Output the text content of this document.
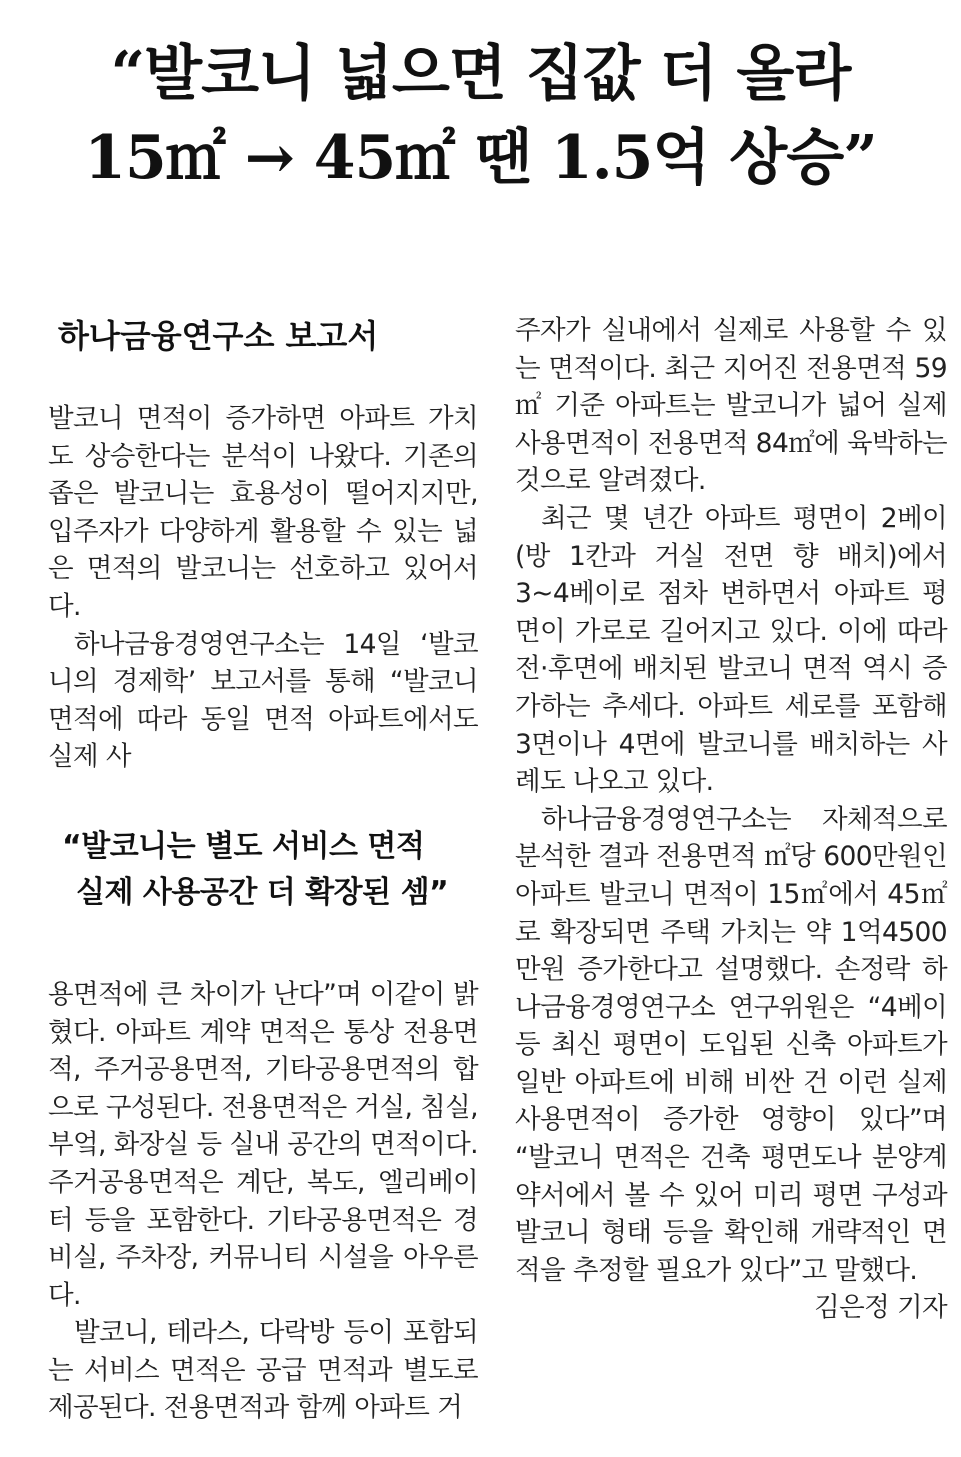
“발코니 넓으면 집값 더 올라
15㎡ → 45㎡ 땐 1.5억 상승”
하나금융연구소 보고서

발코니 면적이 증가하면 아파트 가치도 상승한다는 분석이 나왔다. 기존의 좁은 발코니는 효용성이 떨어지지만, 입주자가 다양하게 활용할 수 있는 넓은 면적의 발코니는 선호하고 있어서다.

하나금융경영연구소는 14일 ‘발코니의 경제학’ 보고서를 통해 “발코니 면적에 따라 동일 면적 아파트에서도 실제 사

“발코니는 별도 서비스 면적
실제 사용공간 더 확장된 셈”

용면적에 큰 차이가 난다”며 이같이 밝혔다. 아파트 계약 면적은 통상 전용면적, 주거공용면적, 기타공용면적의 합으로 구성된다. 전용면적은 거실, 침실, 부엌, 화장실 등 실내 공간의 면적이다. 주거공용면적은 계단, 복도, 엘리베이터 등을 포함한다. 기타공용면적은 경비실, 주차장, 커뮤니티 시설을 아우른다.

발코니, 테라스, 다락방 등이 포함되는 서비스 면적은 공급 면적과 별도로 제공된다. 전용면적과 함께 아파트 거

주자가 실내에서 실제로 사용할 수 있는 면적이다. 최근 지어진 전용면적 59㎡ 기준 아파트는 발코니가 넓어 실제 사용면적이 전용면적 84㎡에 육박하는 것으로 알려졌다.

최근 몇 년간 아파트 평면이 2베이(방 1칸과 거실 전면 향 배치)에서 3~4베이로 점차 변하면서 아파트 평면이 가로로 길어지고 있다. 이에 따라 전·후면에 배치된 발코니 면적 역시 증가하는 추세다. 아파트 세로를 포함해 3면이나 4면에 발코니를 배치하는 사례도 나오고 있다.

하나금융경영연구소는 자체적으로 분석한 결과 전용면적 ㎡당 600만원인 아파트 발코니 면적이 15㎡에서 45㎡로 확장되면 주택 가치는 약 1억4500만원 증가한다고 설명했다. 손정락 하나금융경영연구소 연구위원은 “4베이 등 최신 평면이 도입된 신축 아파트가 일반 아파트에 비해 비싼 건 이런 실제 사용면적이 증가한 영향이 있다”며 “발코니 면적은 건축 평면도나 분양계약서에서 볼 수 있어 미리 평면 구성과 발코니 형태 등을 확인해 개략적인 면적을 추정할 필요가 있다”고 말했다.
김은정 기자
